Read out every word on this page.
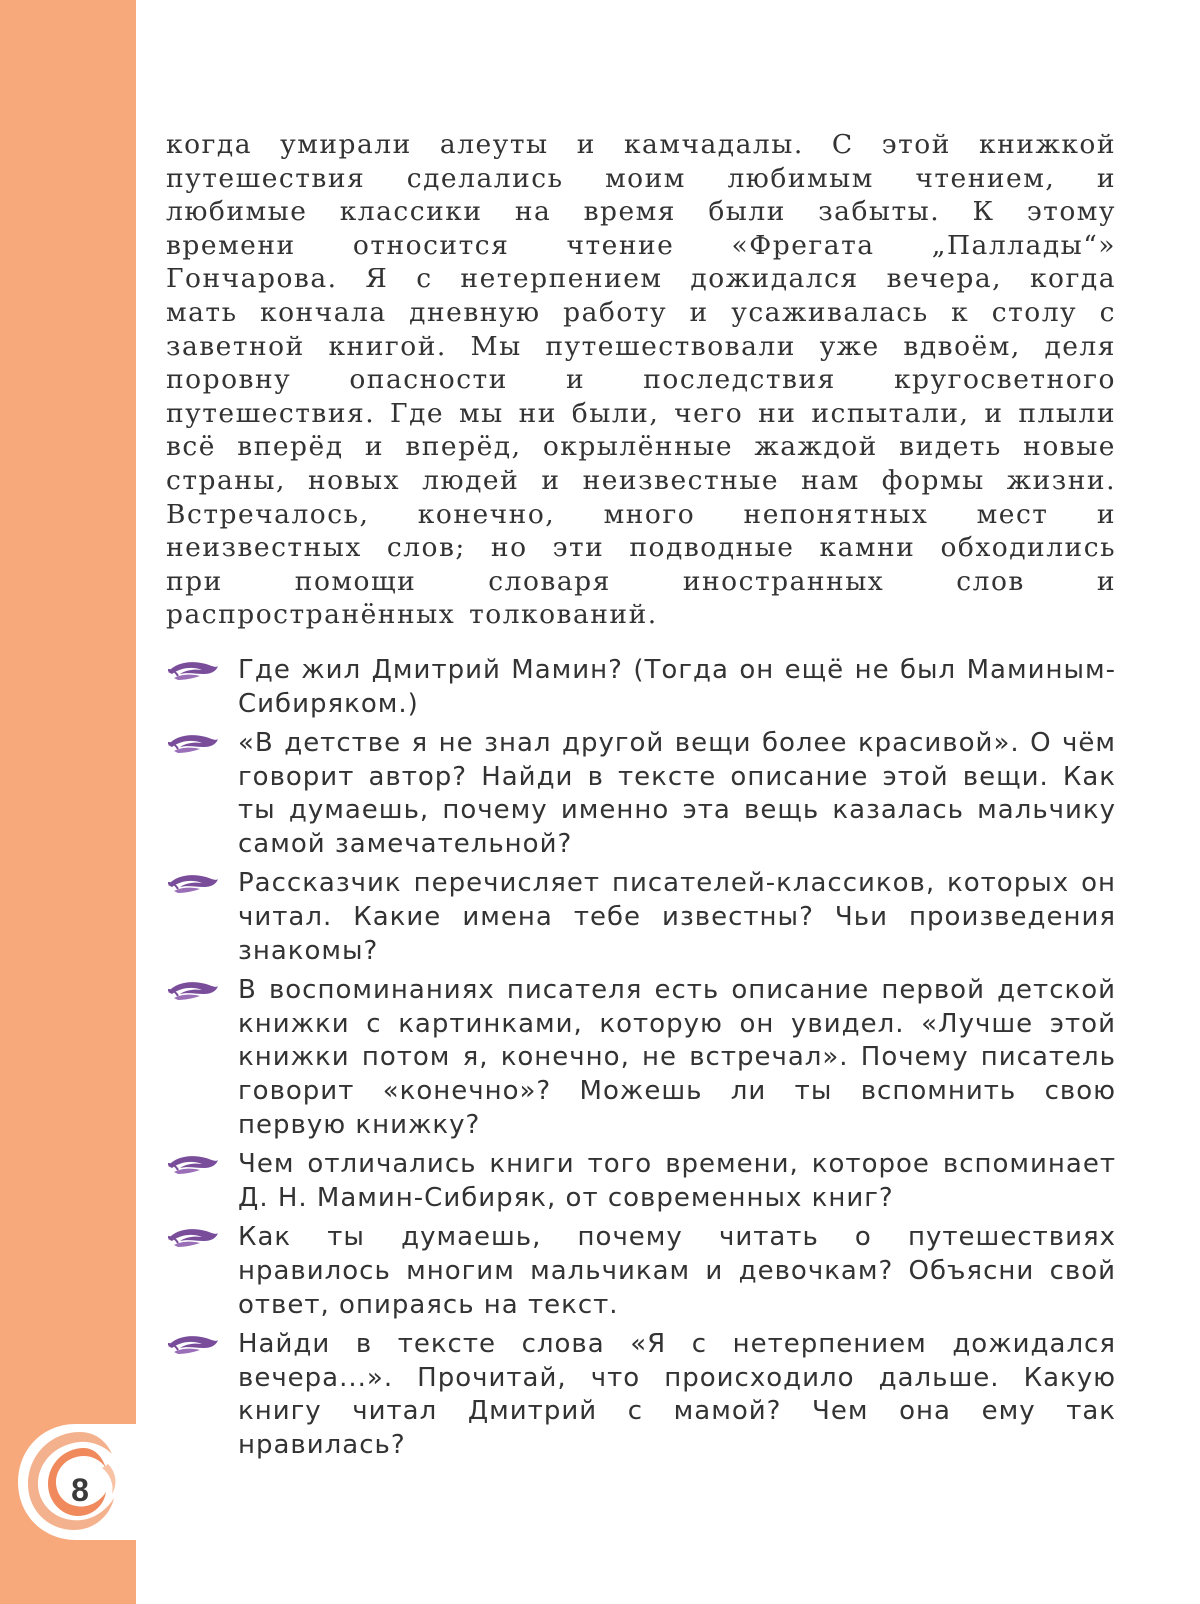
8

когда умирали алеуты и камчадалы. С этой книжкой путешествия сделались моим любимым чтением, и любимые классики на время были забыты. К этому времени относится чтение «Фрегата „Паллады“» Гончарова. Я с нетерпением дожидался вечера, когда мать кончала дневную работу и усаживалась к столу с заветной книгой. Мы путешествовали уже вдвоём, деля поровну опасности и последствия кругосветного путешествия. Где мы ни были, чего ни испытали, и плыли всё вперёд и вперёд, окрылённые жаждой видеть новые страны, новых людей и неизвестные нам формы жизни. Встречалось, конечно, много непонятных мест и неизвестных слов; но эти подводные камни обходились при помощи словаря иностранных слов и распространённых толкований.

Где жил Дмитрий Мамин? (Тогда он ещё не был Маминым-Сибиряком.)
«В детстве я не знал другой вещи более красивой». О чём говорит автор? Найди в тексте описание этой вещи. Как ты думаешь, почему именно эта вещь казалась мальчику самой замечательной?
Рассказчик перечисляет писателей-классиков, которых он читал. Какие имена тебе известны? Чьи произведения знакомы?
В воспоминаниях писателя есть описание первой детской книжки с картинками, которую он увидел. «Лучше этой книжки потом я, конечно, не встречал». Почему писатель говорит «конечно»? Можешь ли ты вспомнить свою первую книжку?
Чем отличались книги того времени, которое вспоминает Д. Н. Мамин-Сибиряк, от современных книг?
Как ты думаешь, почему читать о путешествиях нравилось многим мальчикам и девочкам? Объясни свой ответ, опираясь на текст.
Найди в тексте слова «Я с нетерпением дожидался вечера...». Прочитай, что происходило дальше. Какую книгу читал Дмитрий с мамой? Чем она ему так нравилась?
